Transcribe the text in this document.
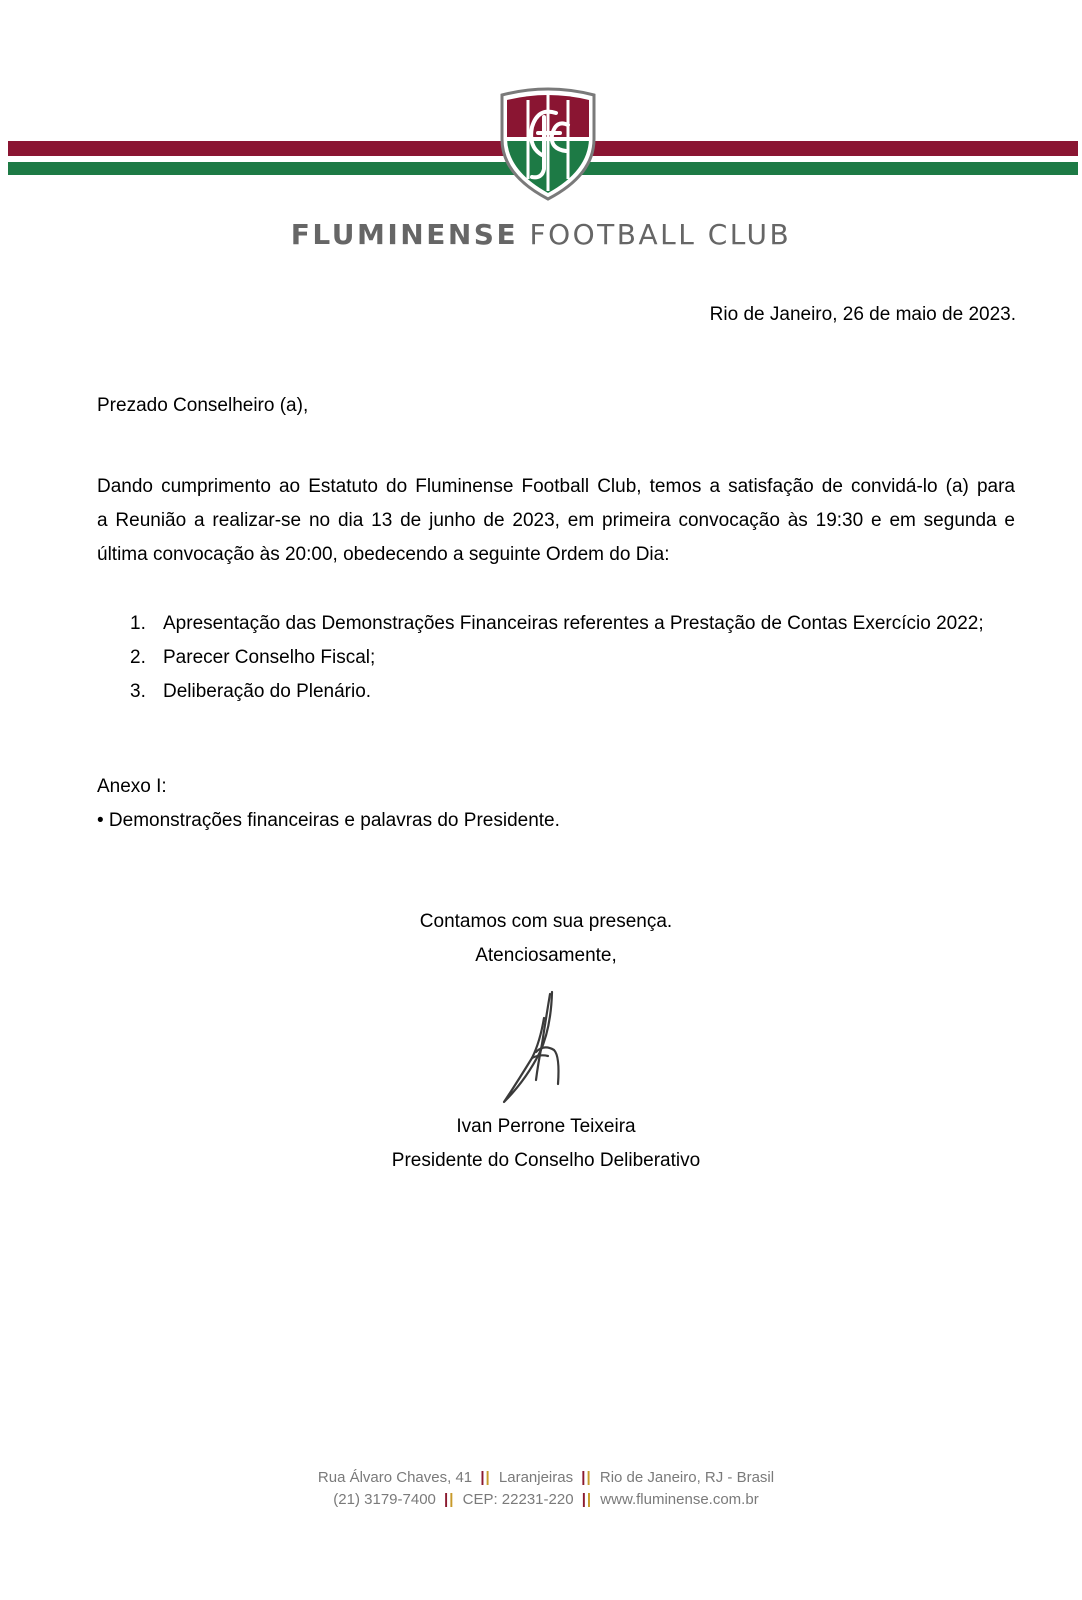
FLUMINENSE FOOTBALL CLUB
Rio de Janeiro, 26 de maio de 2023.
Prezado Conselheiro (a),
Dando cumprimento ao Estatuto do Fluminense Football Club, temos a satisfação de convidá-lo (a) para
a Reunião a realizar-se no dia 13 de junho de 2023, em primeira convocação às 19:30 e em segunda e
última convocação às 20:00, obedecendo a seguinte Ordem do Dia:
1. Apresentação das Demonstrações Financeiras referentes a Prestação de Contas Exercício 2022;
2. Parecer Conselho Fiscal;
3. Deliberação do Plenário.
Anexo I:
• Demonstrações financeiras e palavras do Presidente.
Contamos com sua presença.
Atenciosamente,
Ivan Perrone Teixeira
Presidente do Conselho Deliberativo
Rua Álvaro Chaves, 41 || Laranjeiras || Rio de Janeiro, RJ - Brasil
(21) 3179-7400 || CEP: 22231-220 || www.fluminense.com.br
